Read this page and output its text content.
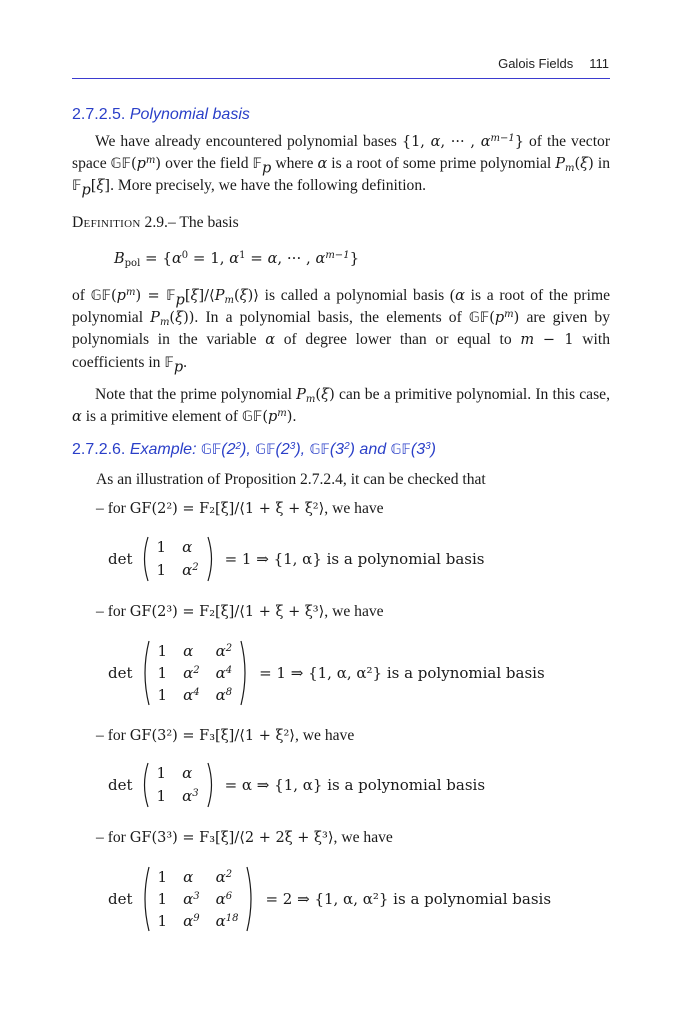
Galois Fields 111
2.7.2.5. Polynomial basis
We have already encountered polynomial bases {1, α, ··· , $\alpha^{m-1}$} of the vector space $𝔾𝔽(p^m)$ over the field 𝔽$_p$ where α is a root of some prime polynomial $P_m(\xi)$ in 𝔽$_p$[ξ]. More precisely, we have the following definition.
Definition 2.9.– The basis
$B_{pol} = \{\alpha^0 = 1$, $\alpha^1 = \alpha$, ··· , $\alpha^{m-1}$}
of $𝔾𝔽(p^m)$ = $𝔽_p[\xi]/⟨P_m(\xi)⟩$ is called a polynomial basis (α is a root of the prime polynomial $P_m(\xi)$). In a polynomial basis, the elements of $𝔾𝔽(p^m)$ are given by polynomials in the variable α of degree lower than or equal to m − 1 with coefficients in 𝔽$_p$.
Note that the prime polynomial $P_m(\xi)$ can be a primitive polynomial. In this case, α is a primitive element of $𝔾𝔽(p^m)$.
2.7.2.6. Example: $𝔾𝔽(2^2)$, $𝔾𝔽(2^3)$, $𝔾𝔽(3^2)$ and $𝔾𝔽(3^3)$
As an illustration of Proposition 2.7.2.4, it can be checked that
– for GF(2²) = F₂[ξ]/⟨1 + ξ + ξ²⟩, we have
det
1	α
1	$\alpha^2 = 1$ ⇒ {1, α} is a polynomial basis
– for GF(2³) = F₂[ξ]/⟨1 + ξ + ξ³⟩, we have
det
1	α	$\alpha^2$
1	$\alpha^2$	$\alpha^4$
1	$\alpha^4$	$\alpha^8$
= 1 ⇒ {1, α, α²} is a polynomial basis
– for GF(3²) = F₃[ξ]/⟨1 + ξ²⟩, we have
det
1	α
1	$\alpha^3 = \alpha$ ⇒ {1, α} is a polynomial basis
– for GF(3³) = F₃[ξ]/⟨2 + 2ξ + ξ³⟩, we have
det
1	α	$\alpha^2$
1	$\alpha^3$	$\alpha^6$
1	$\alpha^9$	$\alpha^{18}$
= 2 ⇒ {1, α, α²} is a polynomial basis
